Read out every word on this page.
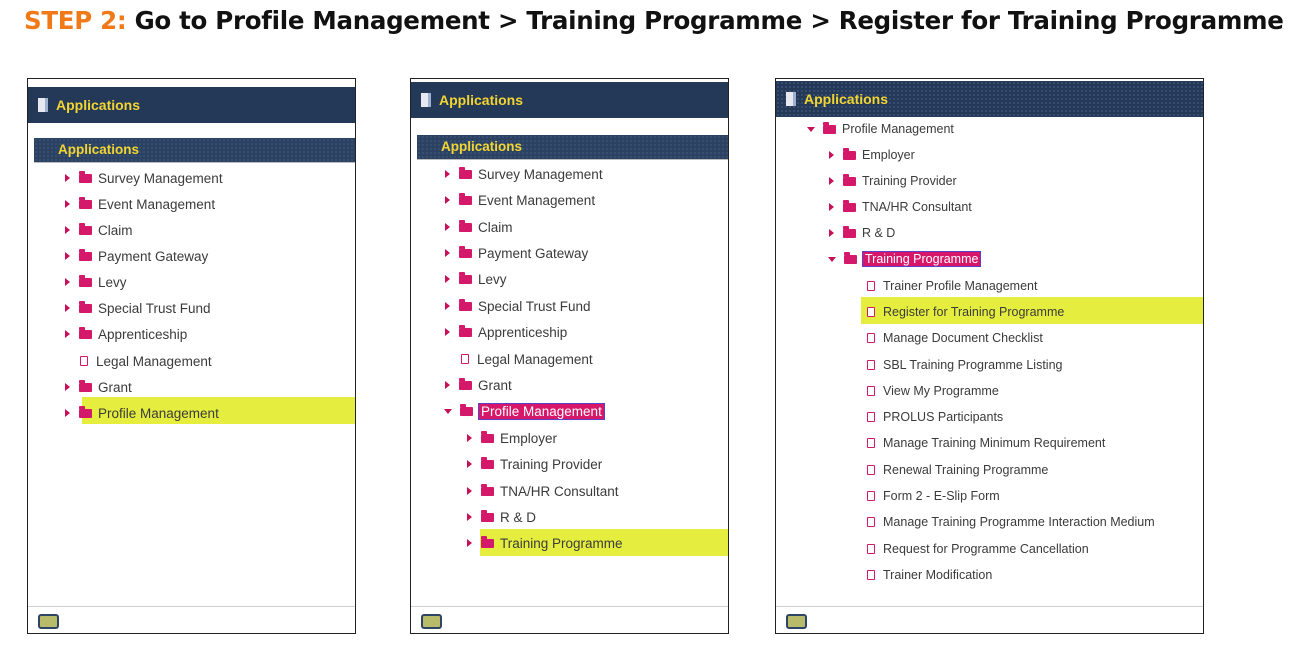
STEP 2: Go to Profile Management > Training Programme > Register for Training Programme
Applications
Applications
Survey Management
Event Management
Claim
Payment Gateway
Levy
Special Trust Fund
Apprenticeship
Legal Management
Grant
Profile Management
Applications
Applications
Survey Management
Event Management
Claim
Payment Gateway
Levy
Special Trust Fund
Apprenticeship
Legal Management
Grant
Profile Management
Employer
Training Provider
TNA/HR Consultant
R & D
Training Programme
Applications
Profile Management
Employer
Training Provider
TNA/HR Consultant
R & D
Training Programme
Trainer Profile Management
Register for Training Programme
Manage Document Checklist
SBL Training Programme Listing
View My Programme
PROLUS Participants
Manage Training Minimum Requirement
Renewal Training Programme
Form 2 - E-Slip Form
Manage Training Programme Interaction Medium
Request for Programme Cancellation
Trainer Modification
